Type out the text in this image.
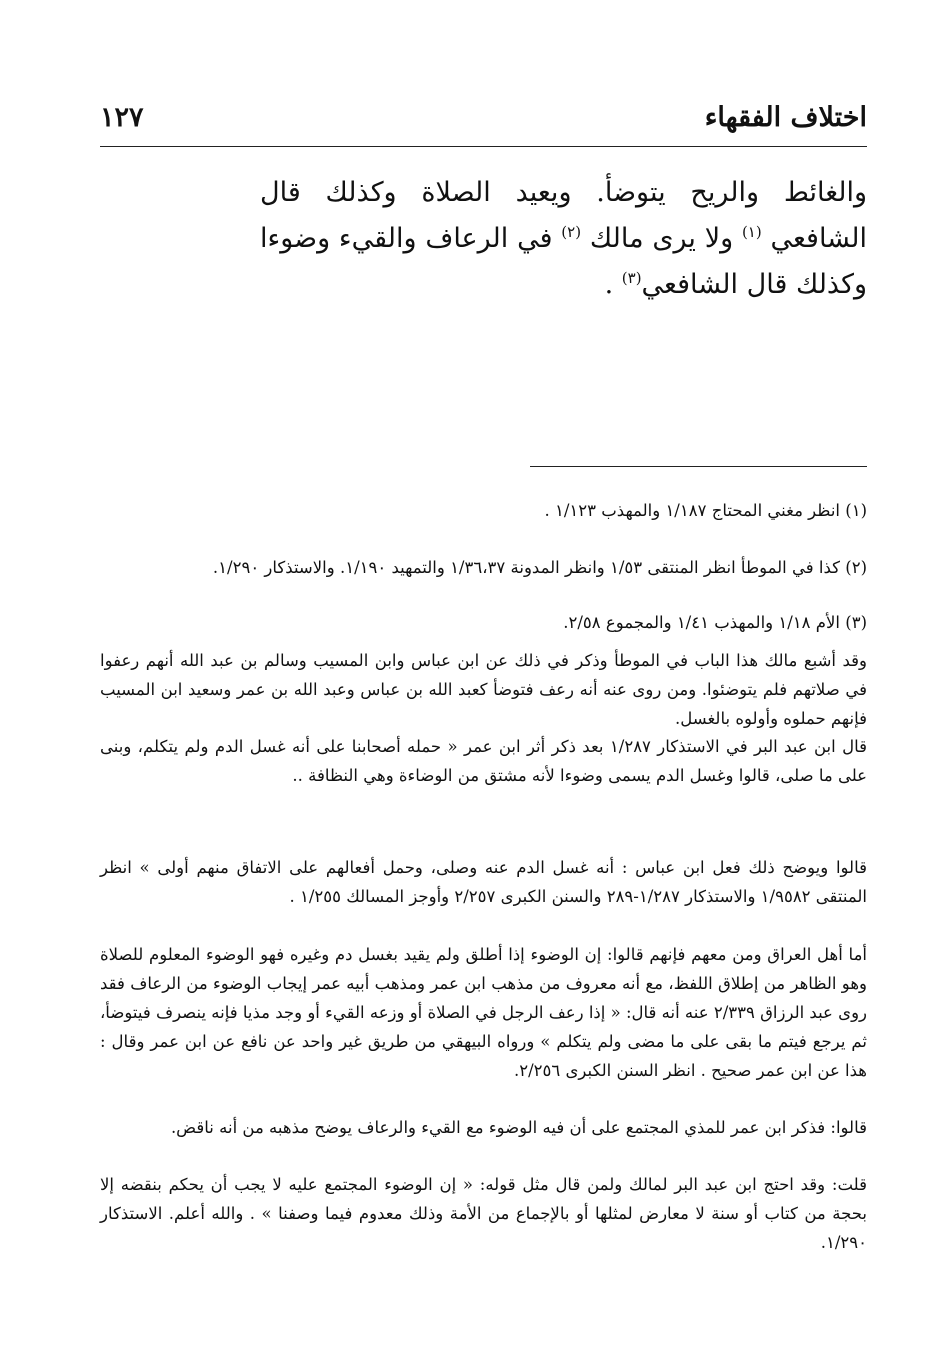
اختلاف الفقهاء
١٢٧

والغائط والريح يتوضأ. ويعيد الصلاة وكذلك قال الشافعي $^{(١)}$ ولا يرى مالك $^{(٢)}$ في الرعاف والقيء وضوءا وكذلك قال الشافعي$^{(٣)}$ .

(١) انظر مغني المحتاج ١/١٨٧ والمهذب ١/١٢٣ .
(٢) كذا في الموطأ انظر المنتقى ١/٥٣ وانظر المدونة ١/٣٦،٣٧ والتمهيد ١/١٩٠. والاستذكار ١/٢٩٠.
(٣) الأم ١/١٨ والمهذب ١/٤١ والمجموع ٢/٥٨.
وقد أشبع مالك هذا الباب في الموطأ وذكر في ذلك عن ابن عباس وابن المسيب وسالم بن عبد الله أنهم رعفوا في صلاتهم فلم يتوضئوا. ومن روى عنه أنه رعف فتوضأ كعبد الله بن عباس وعبد الله بن عمر وسعيد ابن المسيب فإنهم حملوه وأولوه بالغسل.
قال ابن عبد البر في الاستذكار ١/٢٨٧ بعد ذكر أثر ابن عمر « حمله أصحابنا على أنه غسل الدم ولم يتكلم، وبنى على ما صلى، قالوا وغسل الدم يسمى وضوءا لأنه مشتق من الوضاءة وهي النظافة ..
قالوا ويوضح ذلك فعل ابن عباس : أنه غسل الدم عنه وصلى، وحمل أفعالهم على الاتفاق منهم أولى » انظر المنتقى ١/٩٥٨٢ والاستذكار ١/٢٨٧-٢٨٩ والسنن الكبرى ٢/٢٥٧ وأوجز المسالك ١/٢٥٥ .
أما أهل العراق ومن معهم فإنهم قالوا: إن الوضوء إذا أطلق ولم يقيد بغسل دم وغيره فهو الوضوء المعلوم للصلاة وهو الظاهر من إطلاق اللفظ، مع أنه معروف من مذهب ابن عمر ومذهب أبيه عمر إيجاب الوضوء من الرعاف فقد روى عبد الرزاق ٢/٣٣٩ عنه أنه قال: « إذا رعف الرجل في الصلاة أو وزعه القيء أو وجد مذيا فإنه ينصرف فيتوضأ، ثم يرجع فيتم ما بقى على ما مضى ولم يتكلم » ورواه البيهقي من طريق غير واحد عن نافع عن ابن عمر وقال : هذا عن ابن عمر صحيح . انظر السنن الكبرى ٢/٢٥٦.
قالوا: فذكر ابن عمر للمذي المجتمع على أن فيه الوضوء مع القيء والرعاف يوضح مذهبه من أنه ناقض.
قلت: وقد احتج ابن عبد البر لمالك ولمن قال مثل قوله: « إن الوضوء المجتمع عليه لا يجب أن يحكم بنقضه إلا بحجة من كتاب أو سنة لا معارض لمثلها أو بالإجماع من الأمة وذلك معدوم فيما وصفنا » . والله أعلم. الاستذكار ١/٢٩٠.
